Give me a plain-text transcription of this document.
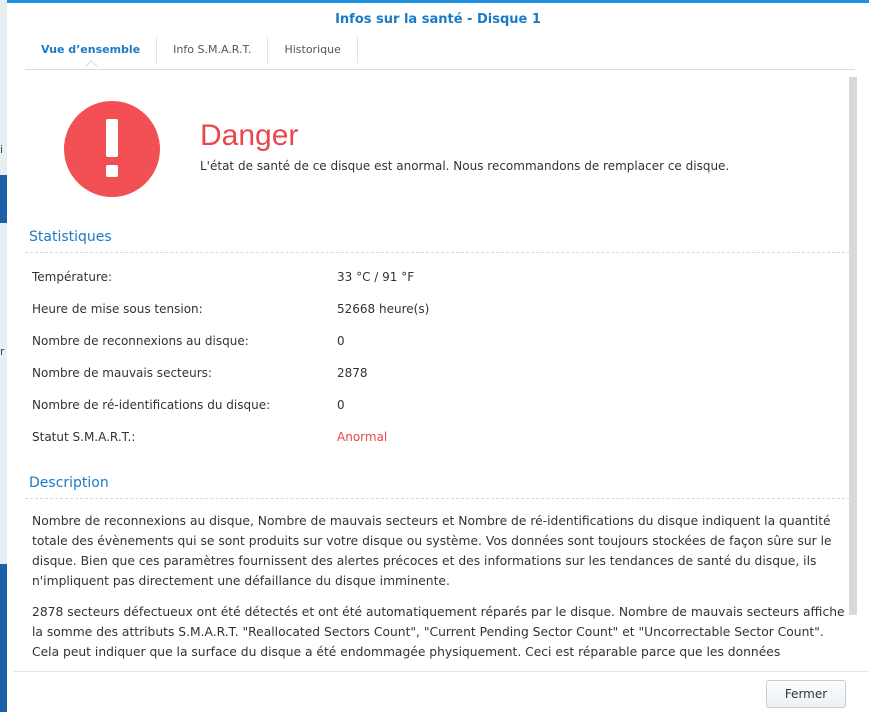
i
r
Infos sur la santé - Disque 1
Vue d’ensemble	Info S.M.A.R.T.	Historique
Danger
L'état de santé de ce disque est anormal. Nous recommandons de remplacer ce disque.
Statistiques
Température:	33 °C / 91 °F
Heure de mise sous tension:	52668 heure(s)
Nombre de reconnexions au disque:	0
Nombre de mauvais secteurs:	2878
Nombre de ré-identifications du disque:	0
Statut S.M.A.R.T.:	Anormal
Description

Nombre de reconnexions au disque, Nombre de mauvais secteurs et Nombre de ré-identifications du disque indiquent la quantité totale des évènements qui se sont produits sur votre disque ou système. Vos données sont toujours stockées de façon sûre sur le disque. Bien que ces paramètres fournissent des alertes précoces et des informations sur les tendances de santé du disque, ils n'impliquent pas directement une défaillance du disque imminente.

2878 secteurs défectueux ont été détectés et ont été automatiquement réparés par le disque. Nombre de mauvais secteurs affiche la somme des attributs S.M.A.R.T. "Reallocated Sectors Count", "Current Pending Sector Count" et "Uncorrectable Sector Count". Cela peut indiquer que la surface du disque a été endommagée physiquement. Ceci est réparable parce que les données

Fermer
